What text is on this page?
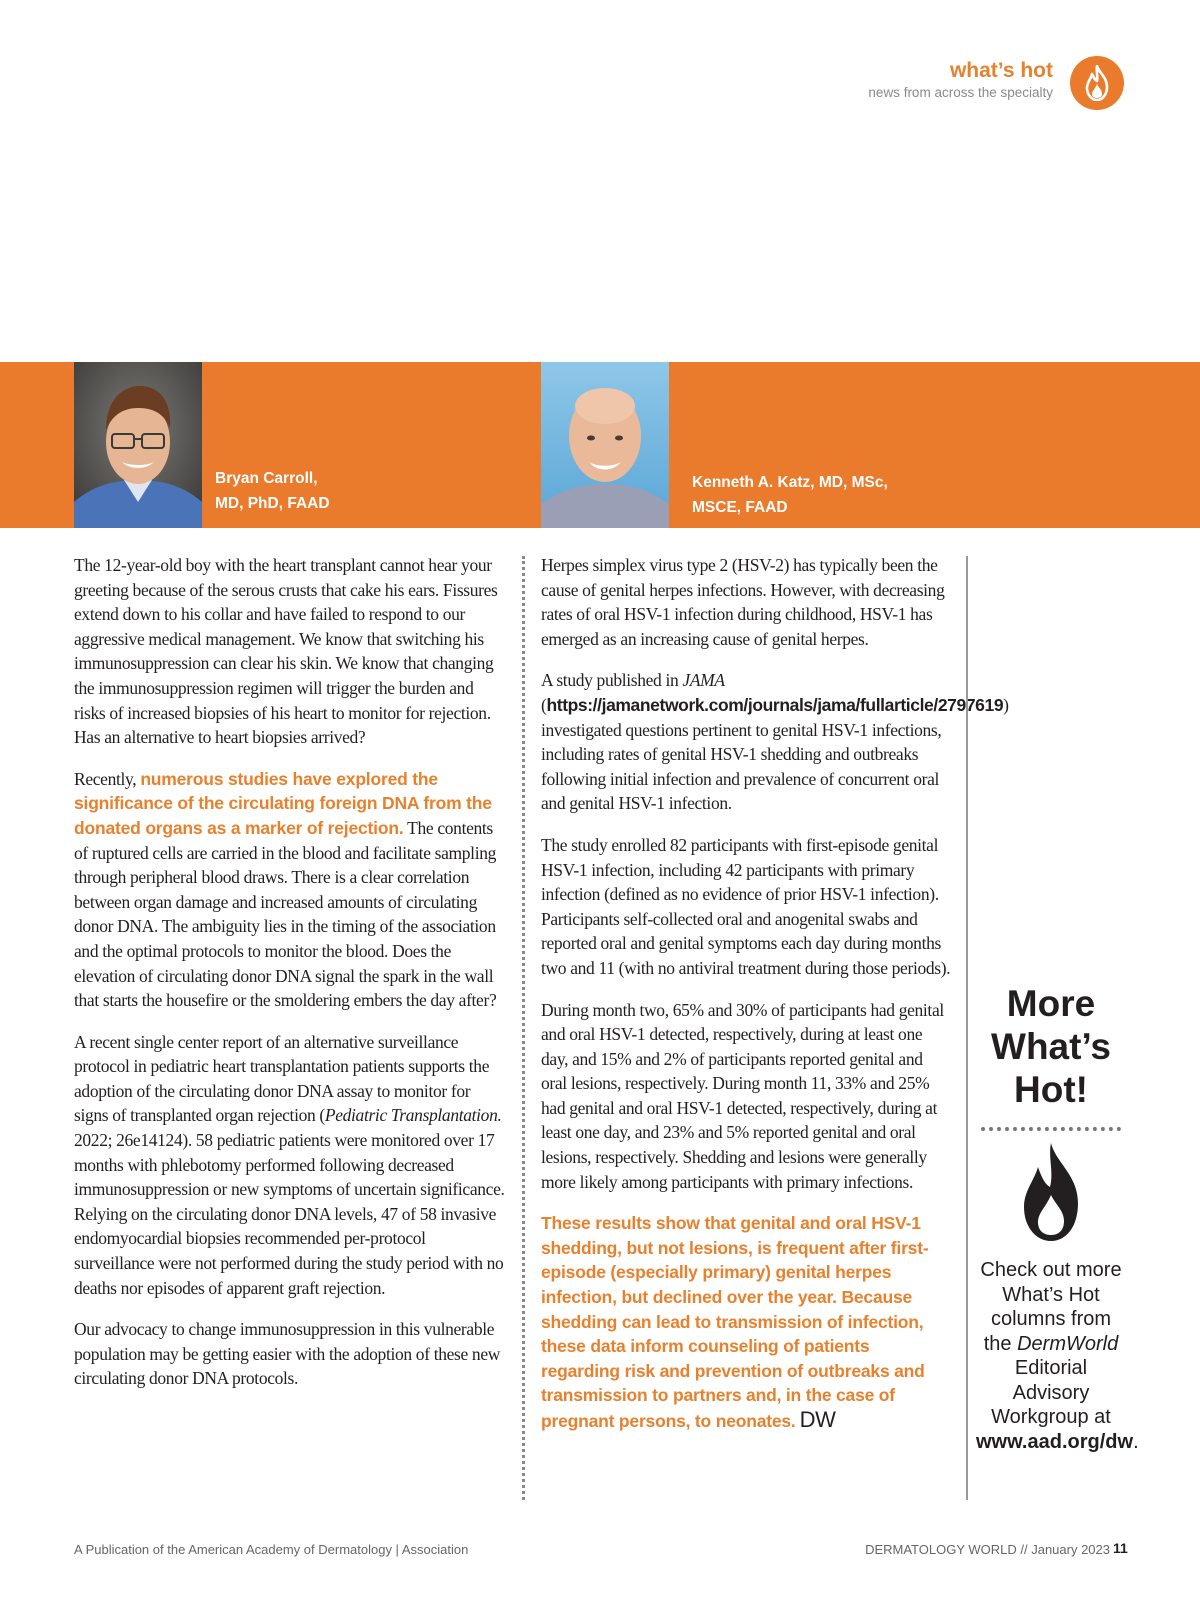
what’s hot
news from across the specialty
Bryan Carroll,
MD, PhD, FAAD
Kenneth A. Katz, MD, MSc,
MSCE, FAAD

The 12-year-old boy with the heart transplant cannot hear your greeting because of the serous crusts that cake his ears. Fissures extend down to his collar and have failed to respond to our aggressive medical management. We know that switching his immunosuppression can clear his skin. We know that changing the immunosuppression regimen will trigger the burden and risks of increased biopsies of his heart to monitor for rejection. Has an alternative to heart biopsies arrived?

Recently, numerous studies have explored the significance of the circulating foreign DNA from the donated organs as a marker of rejection. The contents of ruptured cells are carried in the blood and facilitate sampling through peripheral blood draws. There is a clear correlation between organ damage and increased amounts of circulating donor DNA. The ambiguity lies in the timing of the association and the optimal protocols to monitor the blood. Does the elevation of circulating donor DNA signal the spark in the wall that starts the housefire or the smoldering embers the day after?

A recent single center report of an alternative surveillance protocol in pediatric heart transplantation patients supports the adoption of the circulating donor DNA assay to monitor for signs of transplanted organ rejection (Pediatric Transplantation. 2022; 26e14124). 58 pediatric patients were monitored over 17 months with phlebotomy performed following decreased immunosuppression or new symptoms of uncertain significance. Relying on the circulating donor DNA levels, 47 of 58 invasive endomyocardial biopsies recommended per-protocol surveillance were not performed during the study period with no deaths nor episodes of apparent graft rejection.

Our advocacy to change immunosuppression in this vulnerable population may be getting easier with the adoption of these new circulating donor DNA protocols.

Herpes simplex virus type 2 (HSV-2) has typically been the cause of genital herpes infections. However, with decreasing rates of oral HSV-1 infection during childhood, HSV-1 has emerged as an increasing cause of genital herpes.

A study published in JAMA (https://jamanetwork.com/journals/jama/fullarticle/2797619) investigated questions pertinent to genital HSV-1 infections, including rates of genital HSV-1 shedding and outbreaks following initial infection and prevalence of concurrent oral and genital HSV-1 infection.

The study enrolled 82 participants with first-episode genital HSV-1 infection, including 42 participants with primary infection (defined as no evidence of prior HSV-1 infection). Participants self-collected oral and anogenital swabs and reported oral and genital symptoms each day during months two and 11 (with no antiviral treatment during those periods).

During month two, 65% and 30% of participants had genital and oral HSV-1 detected, respectively, during at least one day, and 15% and 2% of participants reported genital and oral lesions, respectively. During month 11, 33% and 25% had genital and oral HSV-1 detected, respectively, during at least one day, and 23% and 5% reported genital and oral lesions, respectively. Shedding and lesions were generally more likely among participants with primary infections.

These results show that genital and oral HSV-1 shedding, but not lesions, is frequent after first-episode (especially primary) genital herpes infection, but declined over the year. Because shedding can lead to transmission of infection, these data inform counseling of patients regarding risk and prevention of outbreaks and transmission to partners and, in the case of pregnant persons, to neonates. DW

More
What’s
Hot!
Check out more What’s Hot columns from the DermWorld Editorial Advisory Workgroup at www.aad.org/dw.
A Publication of the American Academy of Dermatology | Association	DERMATOLOGY WORLD // January 2023 11
